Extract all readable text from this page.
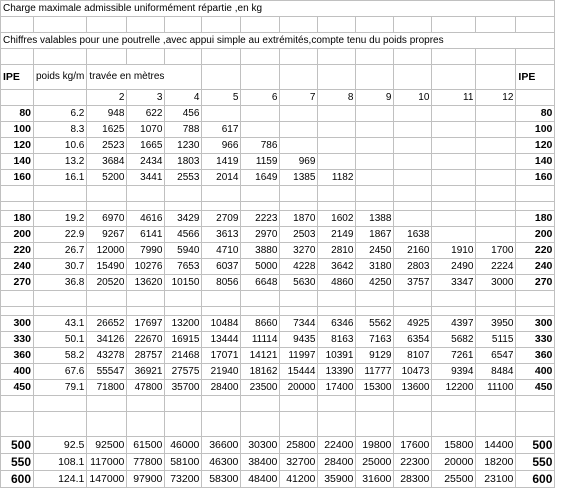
Charge maximale admissible uniformément répartie ,en kg													

Chiffres valables pour une poutrelle ,avec appui simple au extrémités,compte tenu du poids propres													

IPE	poids kg/m	travée en mètres											IPE
		2	3	4	5	6	7	8	9	10	11	12	
80	6.2	948	622	456									80
100	8.3	1625	1070	788	617								100
120	10.6	2523	1665	1230	966	786							120
140	13.2	3684	2434	1803	1419	1159	969						140
160	16.1	5200	3441	2553	2014	1649	1385	1182					160

180	19.2	6970	4616	3429	2709	2223	1870	1602	1388				180
200	22.9	9267	6141	4566	3613	2970	2503	2149	1867	1638			200
220	26.7	12000	7990	5940	4710	3880	3270	2810	2450	2160	1910	1700	220
240	30.7	15490	10276	7653	6037	5000	4228	3642	3180	2803	2490	2224	240
270	36.8	20520	13620	10150	8056	6648	5630	4860	4250	3757	3347	3000	270

300	43.1	26652	17697	13200	10484	8660	7344	6346	5562	4925	4397	3950	300
330	50.1	34126	22670	16915	13444	11114	9435	8163	7163	6354	5682	5115	330
360	58.2	43278	28757	21468	17071	14121	11997	10391	9129	8107	7261	6547	360
400	67.6	55547	36921	27575	21940	18162	15444	13390	11777	10473	9394	8484	400
450	79.1	71800	47800	35700	28400	23500	20000	17400	15300	13600	12200	11100	450

500	92.5	92500	61500	46000	36600	30300	25800	22400	19800	17600	15800	14400	500
550	108.1	117000	77800	58100	46300	38400	32700	28400	25000	22300	20000	18200	550
600	124.1	147000	97900	73200	58300	48400	41200	35900	31600	28300	25500	23100	600
